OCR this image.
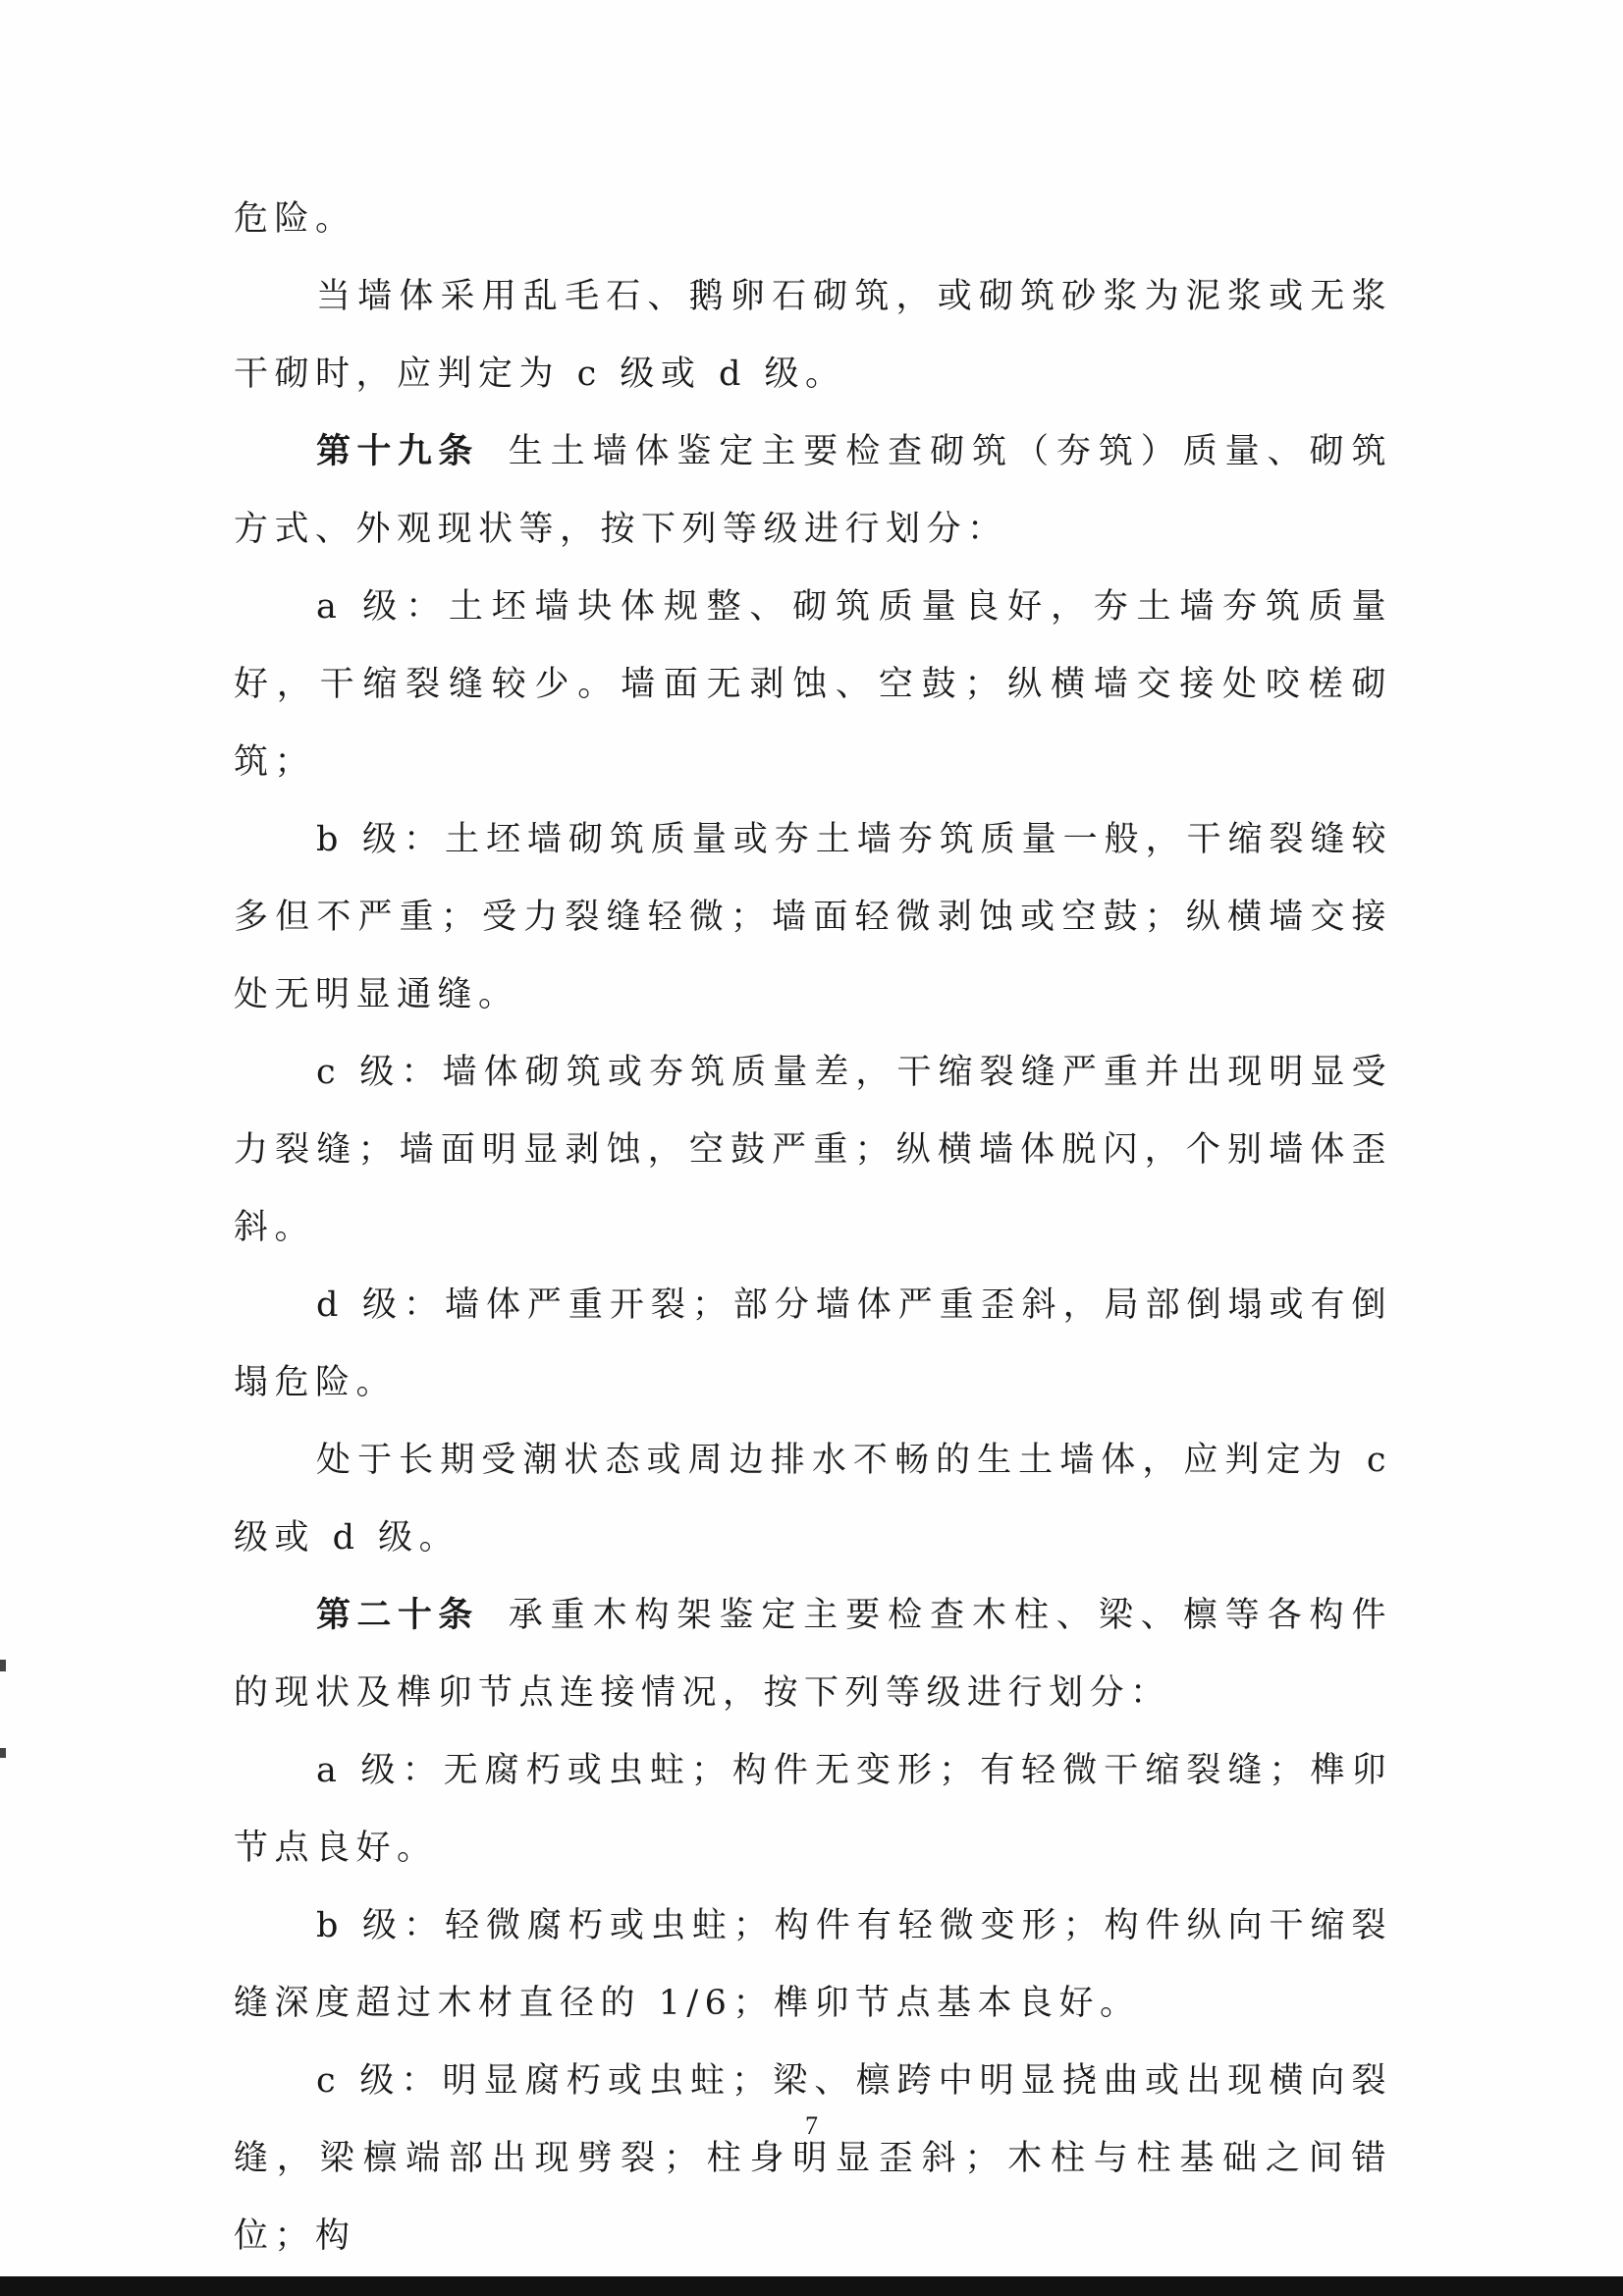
危险。

当墙体采用乱毛石、鹅卵石砌筑，或砌筑砂浆为泥浆或无浆干砌时，应判定为 c 级或 d 级。

第十九条 生土墙体鉴定主要检查砌筑（夯筑）质量、砌筑方式、外观现状等，按下列等级进行划分：

a 级：土坯墙块体规整、砌筑质量良好，夯土墙夯筑质量好，干缩裂缝较少。墙面无剥蚀、空鼓；纵横墙交接处咬槎砌筑；

b 级：土坯墙砌筑质量或夯土墙夯筑质量一般，干缩裂缝较多但不严重；受力裂缝轻微；墙面轻微剥蚀或空鼓；纵横墙交接处无明显通缝。

c 级：墙体砌筑或夯筑质量差，干缩裂缝严重并出现明显受力裂缝；墙面明显剥蚀，空鼓严重；纵横墙体脱闪，个别墙体歪斜。

d 级：墙体严重开裂；部分墙体严重歪斜，局部倒塌或有倒塌危险。

处于长期受潮状态或周边排水不畅的生土墙体，应判定为 c 级或 d 级。

第二十条 承重木构架鉴定主要检查木柱、梁、檩等各构件的现状及榫卯节点连接情况，按下列等级进行划分：

a 级：无腐朽或虫蛀；构件无变形；有轻微干缩裂缝；榫卯节点良好。

b 级：轻微腐朽或虫蛀；构件有轻微变形；构件纵向干缩裂缝深度超过木材直径的 1/6；榫卯节点基本良好。

c 级：明显腐朽或虫蛀；梁、檩跨中明显挠曲或出现横向裂缝，梁檩端部出现劈裂；柱身明显歪斜；木柱与柱基础之间错位；构

7
